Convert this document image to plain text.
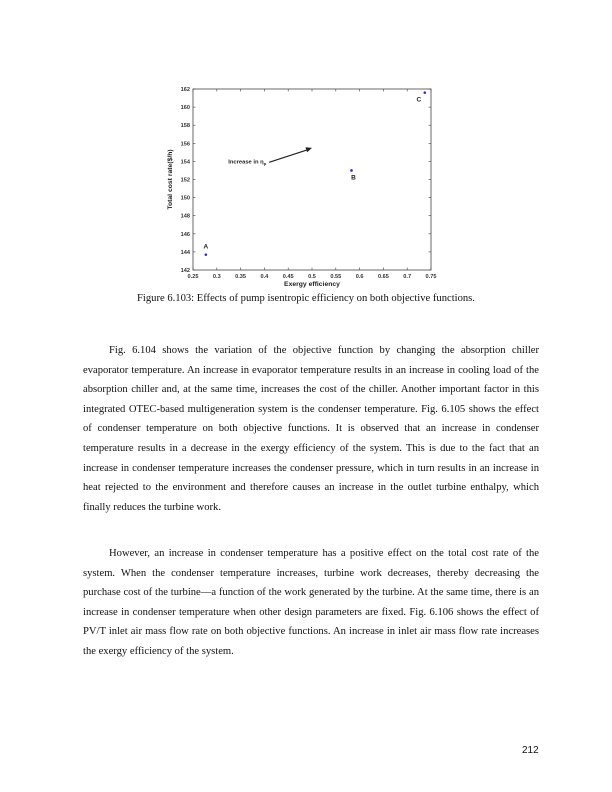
0.25	0.3	0.35	0.4	0.45	0.5	0.55	0.6	0.65	0.7	0.75
142
144
146
148
150
152
154
156
158
160
162
Exergy efficiency
Total cost rate($/h)
A
B
C
Increase in $\eta_p$
Figure 6.103: Effects of pump isentropic efficiency on both objective functions.

Fig. 6.104 shows the variation of the objective function by changing the absorption chiller evaporator temperature. An increase in evaporator temperature results in an increase in cooling load of the absorption chiller and, at the same time, increases the cost of the chiller. Another important factor in this integrated OTEC-based multigeneration system is the condenser temperature. Fig. 6.105 shows the effect of condenser temperature on both objective functions. It is observed that an increase in condenser temperature results in a decrease in the exergy efficiency of the system. This is due to the fact that an increase in condenser temperature increases the condenser pressure, which in turn results in an increase in heat rejected to the environment and therefore causes an increase in the outlet turbine enthalpy, which finally reduces the turbine work.

However, an increase in condenser temperature has a positive effect on the total cost rate of the system. When the condenser temperature increases, turbine work decreases, thereby decreasing the purchase cost of the turbine—a function of the work generated by the turbine. At the same time, there is an increase in condenser temperature when other design parameters are fixed. Fig. 6.106 shows the effect of PV/T inlet air mass flow rate on both objective functions. An increase in inlet air mass flow rate increases the exergy efficiency of the system.

212
